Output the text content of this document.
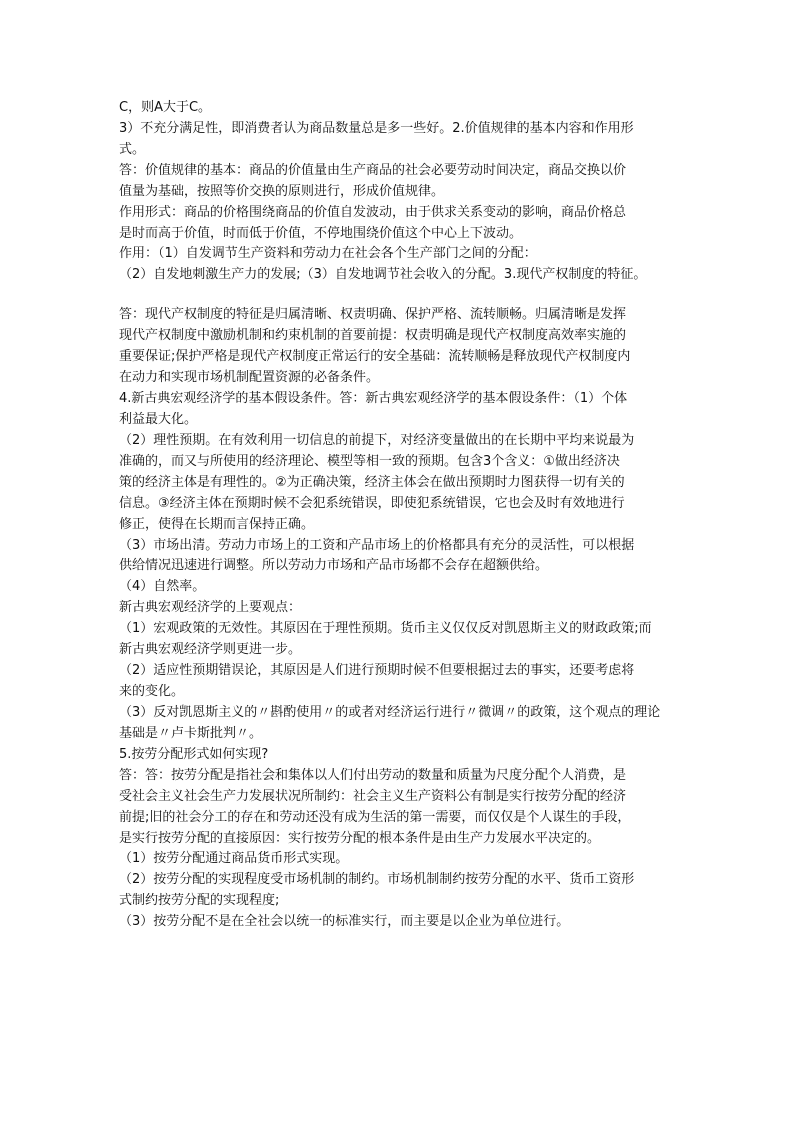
C，则A大于C。
3）不充分满足性，即消费者认为商品数量总是多一些好。2.价值规律的基本内容和作用形
式。
答：价值规律的基本：商品的价值量由生产商品的社会必要劳动时间决定，商品交换以价
值量为基础，按照等价交换的原则进行，形成价值规律。
作用形式：商品的价格围绕商品的价值自发波动，由于供求关系变动的影响，商品价格总
是时而高于价值，时而低于价值，不停地围绕价值这个中心上下波动。
作用：（1）自发调节生产资料和劳动力在社会各个生产部门之间的分配：
（2）自发地刺激生产力的发展;（3）自发地调节社会收入的分配。3.现代产权制度的特征。
答：现代产权制度的特征是归属清晰、权责明确、保护严格、流转顺畅。归属清晰是发挥
现代产权制度中激励机制和约束机制的首要前提：权责明确是现代产权制度高效率实施的
重要保证;保护严格是现代产权制度正常运行的安全基础：流转顺畅是释放现代产权制度内
在动力和实现市场机制配置资源的必备条件。
4.新古典宏观经济学的基本假设条件。答：新古典宏观经济学的基本假设条件：（1）个体
利益最大化。
（2）理性预期。在有效利用一切信息的前提下，对经济变量做出的在长期中平均来说最为
准确的，而又与所使用的经济理论、模型等相一致的预期。包含3个含义：①做出经济决
策的经济主体是有理性的。②为正确决策，经济主体会在做出预期时力图获得一切有关的
信息。③经济主体在预期时候不会犯系统错误，即使犯系统错误，它也会及时有效地进行
修正，使得在长期而言保持正确。
（3）市场出清。劳动力市场上的工资和产品市场上的价格都具有充分的灵活性，可以根据
供给情况迅速进行调整。所以劳动力市场和产品市场都不会存在超额供给。
（4）自然率。
新古典宏观经济学的上要观点：
（1）宏观政策的无效性。其原因在于理性预期。货币主义仅仅反对凯恩斯主义的财政政策;而
新古典宏观经济学则更进一步。
（2）适应性预期错误论，其原因是人们进行预期时候不但要根据过去的事实，还要考虑将
来的变化。
（3）反对凯恩斯主义的〃斟酌使用〃的或者对经济运行进行〃微调〃的政策，这个观点的理论
基础是〃卢卡斯批判〃。
5.按劳分配形式如何实现?
答：答：按劳分配是指社会和集体以人们付出劳动的数量和质量为尺度分配个人消费，是
受社会主义社会生产力发展状况所制约：社会主义生产资料公有制是实行按劳分配的经济
前提;旧的社会分工的存在和劳动还没有成为生活的第一需要，而仅仅是个人谋生的手段，
是实行按劳分配的直接原因：实行按劳分配的根本条件是由生产力发展水平决定的。
（1）按劳分配通过商品货币形式实现。
（2）按劳分配的实现程度受市场机制的制约。市场机制制约按劳分配的水平、货币工资形
式制约按劳分配的实现程度;
（3）按劳分配不是在全社会以统一的标准实行，而主要是以企业为单位进行。
